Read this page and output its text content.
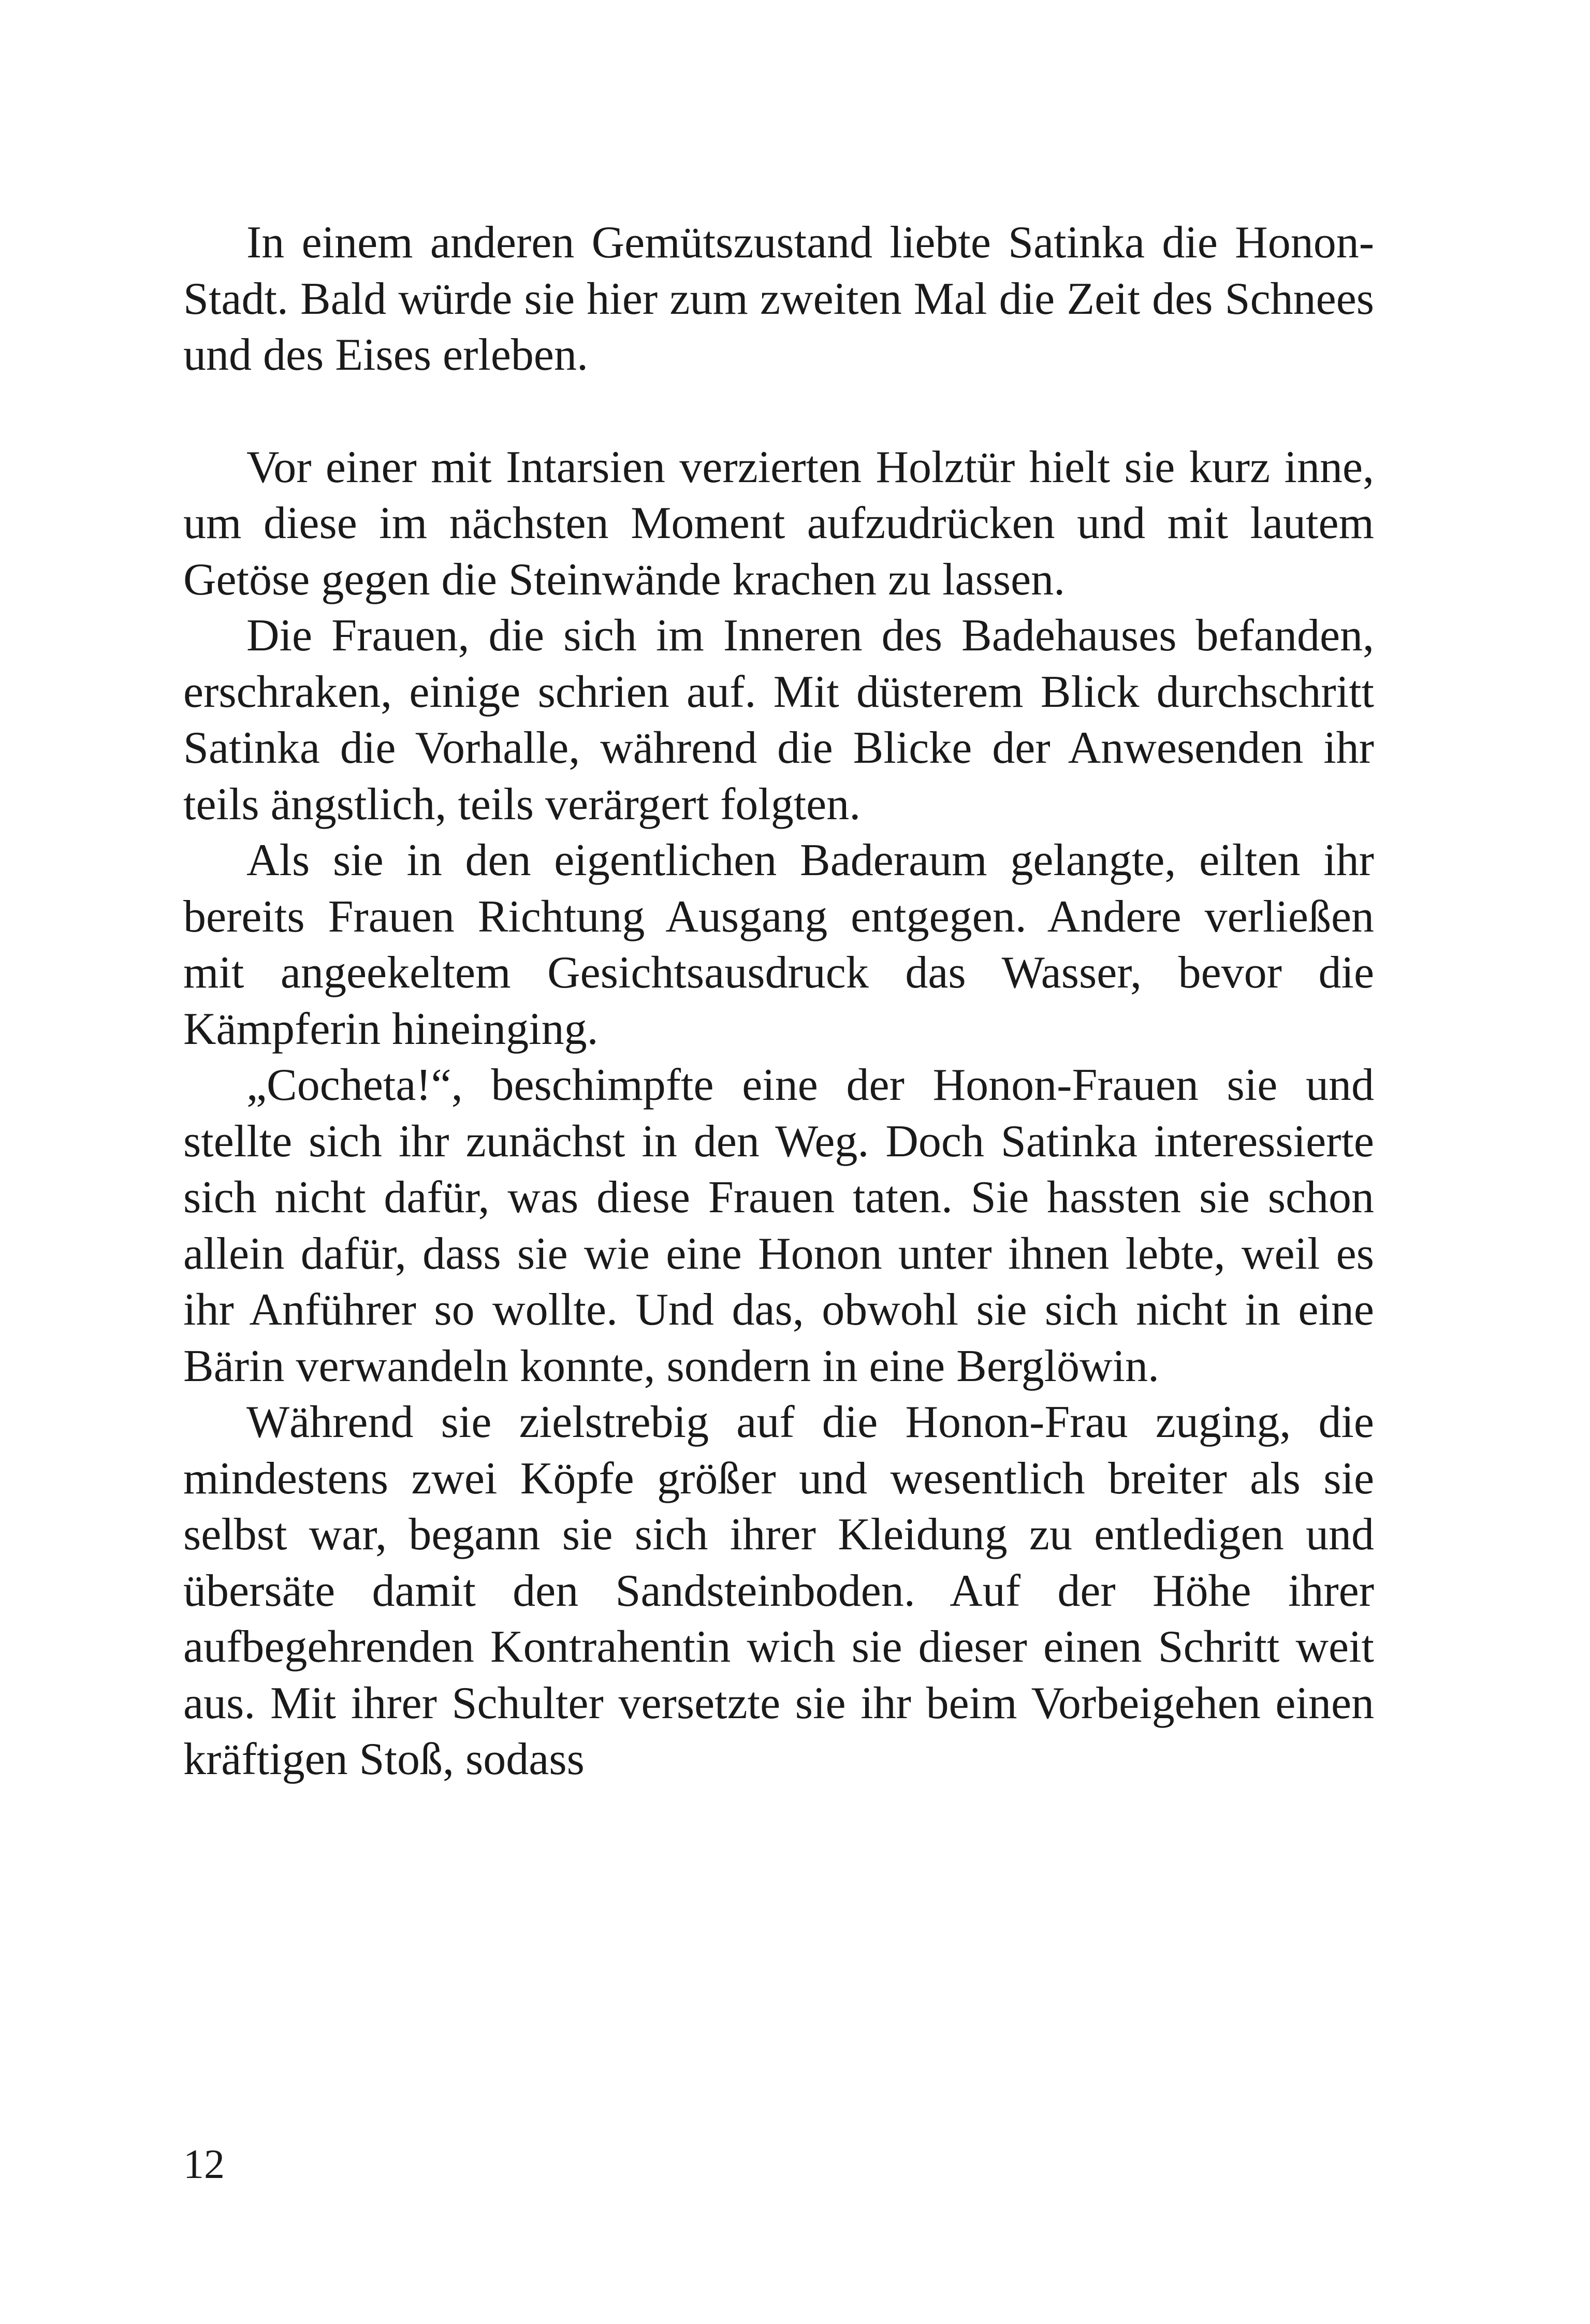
In einem anderen Gemütszustand liebte Satinka die Honon-Stadt. Bald würde sie hier zum zweiten Mal die Zeit des Schnees und des Eises erleben.

Vor einer mit Intarsien verzierten Holztür hielt sie kurz inne, um diese im nächsten Moment aufzudrücken und mit lautem Getöse gegen die Steinwände krachen zu lassen.

Die Frauen, die sich im Inneren des Badehauses befanden, erschraken, einige schrien auf. Mit düsterem Blick durchschritt Satinka die Vorhalle, während die Blicke der Anwesenden ihr teils ängstlich, teils verärgert folgten.

Als sie in den eigentlichen Baderaum gelangte, eilten ihr bereits Frauen Richtung Ausgang entgegen. Andere verließen mit angeekeltem Gesichtsausdruck das Wasser, bevor die Kämpferin hineinging.

„Cocheta!“, beschimpfte eine der Honon-Frauen sie und stellte sich ihr zunächst in den Weg. Doch Satinka interessierte sich nicht dafür, was diese Frauen taten. Sie hassten sie schon allein dafür, dass sie wie eine Honon unter ihnen lebte, weil es ihr Anführer so wollte. Und das, obwohl sie sich nicht in eine Bärin verwandeln konnte, sondern in eine Berglöwin.

Während sie zielstrebig auf die Honon-Frau zuging, die mindestens zwei Köpfe größer und wesentlich breiter als sie selbst war, begann sie sich ihrer Kleidung zu entledigen und übersäte damit den Sandsteinboden. Auf der Höhe ihrer aufbegehrenden Kontrahentin wich sie dieser einen Schritt weit aus. Mit ihrer Schulter versetzte sie ihr beim Vorbeigehen einen kräftigen Stoß, sodass

12
